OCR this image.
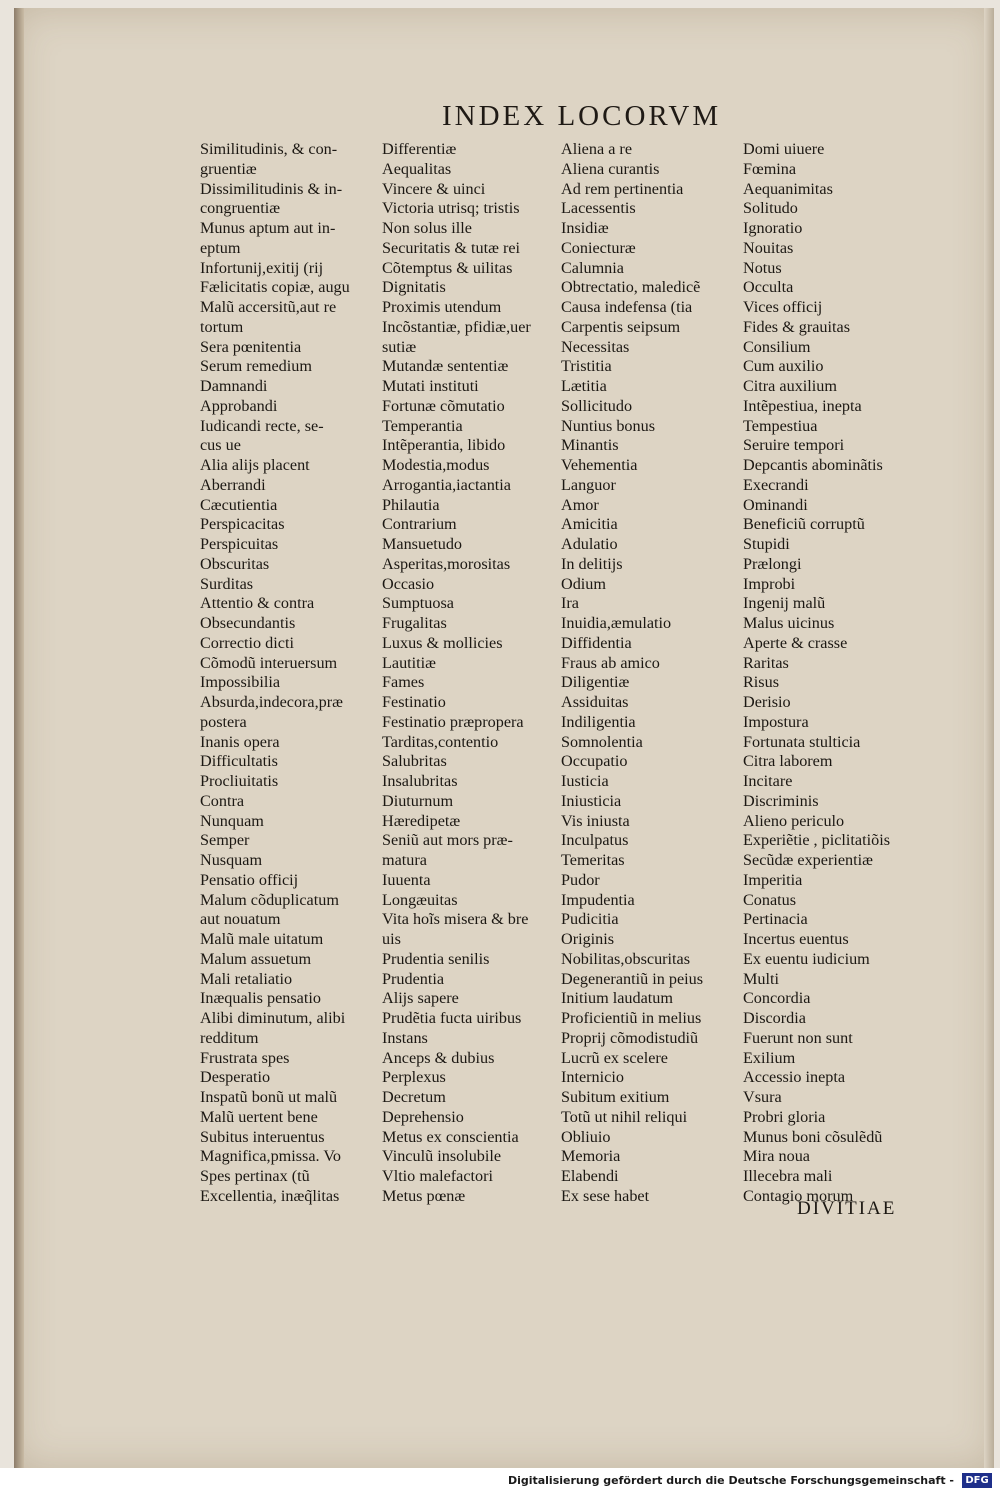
INDEX LOCORVM
Similitudinis, & con-
gruentiæ
Dissimilitudinis & in-
congruentiæ
Munus aptum aut in-
eptum
Infortunij,exitij (rij
Fælicitatis copiæ, augu
Malũ accersitũ,aut re
tortum
Sera pœnitentia
Serum remedium
Damnandi
Approbandi
Iudicandi recte, se-
cus ue
Alia alijs placent
Aberrandi
Cæcutientia
Perspicacitas
Perspicuitas
Obscuritas
Surditas
Attentio & contra
Obsecundantis
Correctio dicti
Cõmodũ interuersum
Impossibilia
Absurda,indecora,præ
postera
Inanis opera
Difficultatis
Procliuitatis
Contra
Nunquam
Semper
Nusquam
Pensatio officij
Malum cõduplicatum
aut nouatum
Malũ male uitatum
Malum assuetum
Mali retaliatio
Inæqualis pensatio
Alibi diminutum, alibi
redditum
Frustrata spes
Desperatio
Inspatũ bonũ ut malũ
Malũ uertent bene
Subitus interuentus
Magnifica,pmissa. Vo
Spes pertinax (tũ
Excellentia, inæq̃litas
Differentiæ
Aequalitas
Vincere & uinci
Victoria utrisq; tristis
Non solus ille
Securitatis & tutæ rei
Cõtemptus & uilitas
Dignitatis
Proximis utendum
Incõstantiæ, pfidiæ,uer
sutiæ
Mutandæ sententiæ
Mutati instituti
Fortunæ cõmutatio
Temperantia
Intẽperantia, libido
Modestia,modus
Arrogantia,iactantia
Philautia
Contrarium
Mansuetudo
Asperitas,morositas
Occasio
Sumptuosa
Frugalitas
Luxus & mollicies
Lautitiæ
Fames
Festinatio
Festinatio præpropera
Tarditas,contentio
Salubritas
Insalubritas
Diuturnum
Hæredipetæ
Seniũ aut mors præ-
matura
Iuuenta
Longæuitas
Vita hoĩs misera & bre
uis
Prudentia senilis
Prudentia
Alijs sapere
Prudẽtia fucta uiribus
Instans
Anceps & dubius
Perplexus
Decretum
Deprehensio
Metus ex conscientia
Vinculũ insolubile
Vltio malefactori
Metus pœnæ
Aliena a re
Aliena curantis
Ad rem pertinentia
Lacessentis
Insidiæ
Coniecturæ
Calumnia
Obtrectatio, maledicẽ
Causa indefensa (tia
Carpentis seipsum
Necessitas
Tristitia
Lætitia
Sollicitudo
Nuntius bonus
Minantis
Vehementia
Languor
Amor
Amicitia
Adulatio
In delitijs
Odium
Ira
Inuidia,æmulatio
Diffidentia
Fraus ab amico
Diligentiæ
Assiduitas
Indiligentia
Somnolentia
Occupatio
Iusticia
Iniusticia
Vis iniusta
Inculpatus
Temeritas
Pudor
Impudentia
Pudicitia
Originis
Nobilitas,obscuritas
Degenerantiũ in peius
Initium laudatum
Proficientiũ in melius
Proprij cõmodistudiũ
Lucrũ ex scelere
Internicio
Subitum exitium
Totũ ut nihil reliqui
Obliuio
Memoria
Elabendi
Ex sese habet
Domi uiuere
Fœmina
Aequanimitas
Solitudo
Ignoratio
Nouitas
Notus
Occulta
Vices officij
Fides & grauitas
Consilium
Cum auxilio
Citra auxilium
Intẽpestiua, inepta
Tempestiua
Seruire tempori
Depcantis abominãtis
Execrandi
Ominandi
Beneficiũ corruptũ
Stupidi
Prælongi
Improbi
Ingenij malũ
Malus uicinus
Aperte & crasse
Raritas
Risus
Derisio
Impostura
Fortunata stulticia
Citra laborem
Incitare
Discriminis
Alieno periculo
Experiẽtie , piclitatiõis
Secũdæ experientiæ
Imperitia
Conatus
Pertinacia
Incertus euentus
Ex euentu iudicium
Multi
Concordia
Discordia
Fuerunt non sunt
Exilium
Accessio inepta
Vsura
Probri gloria
Munus boni cõsulẽdũ
Mira noua
Illecebra mali
Contagio morum
DIVITIAE
Digitalisierung gefördert durch die Deutsche Forschungsgemeinschaft -	DFG
